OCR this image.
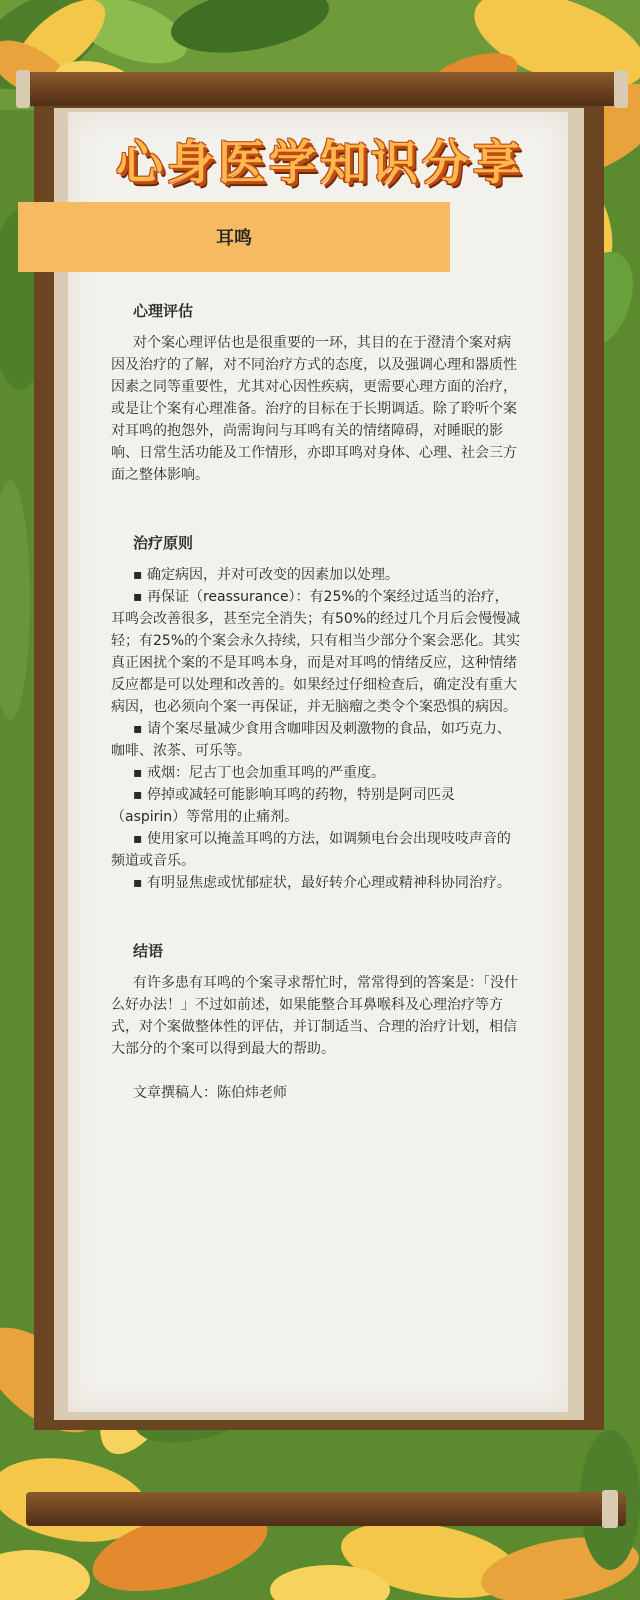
心身医学知识分享
耳鸣
心理评估

对个案心理评估也是很重要的一环，其目的在于澄清个案对病因及治疗的了解，对不同治疗方式的态度，以及强调心理和器质性因素之同等重要性，尤其对心因性疾病，更需要心理方面的治疗，或是让个案有心理准备。治疗的目标在于长期调适。除了聆听个案对耳鸣的抱怨外，尚需询问与耳鸣有关的情绪障碍，对睡眠的影响、日常生活功能及工作情形，亦即耳鸣对身体、心理、社会三方面之整体影响。

治疗原则

▪ 确定病因，并对可改变的因素加以处理。

▪ 再保证（reassurance）：有25%的个案经过适当的治疗，耳鸣会改善很多，甚至完全消失；有50%的经过几个月后会慢慢减轻；有25%的个案会永久持续，只有相当少部分个案会恶化。其实真正困扰个案的不是耳鸣本身，而是对耳鸣的情绪反应，这种情绪反应都是可以处理和改善的。如果经过仔细检查后，确定没有重大病因，也必须向个案一再保证，并无脑瘤之类令个案恐惧的病因。

▪ 请个案尽量减少食用含咖啡因及刺激物的食品，如巧克力、咖啡、浓茶、可乐等。

▪ 戒烟：尼古丁也会加重耳鸣的严重度。

▪ 停掉或减轻可能影响耳鸣的药物，特别是阿司匹灵（aspirin）等常用的止痛剂。

▪ 使用家可以掩盖耳鸣的方法，如调频电台会出现吱吱声音的频道或音乐。

▪ 有明显焦虑或忧郁症状，最好转介心理或精神科协同治疗。

结语

有许多患有耳鸣的个案寻求帮忙时，常常得到的答案是：「没什么好办法！」不过如前述，如果能整合耳鼻喉科及心理治疗等方式，对个案做整体性的评估，并订制适当、合理的治疗计划，相信大部分的个案可以得到最大的帮助。

文章撰稿人：陈伯炜老师
